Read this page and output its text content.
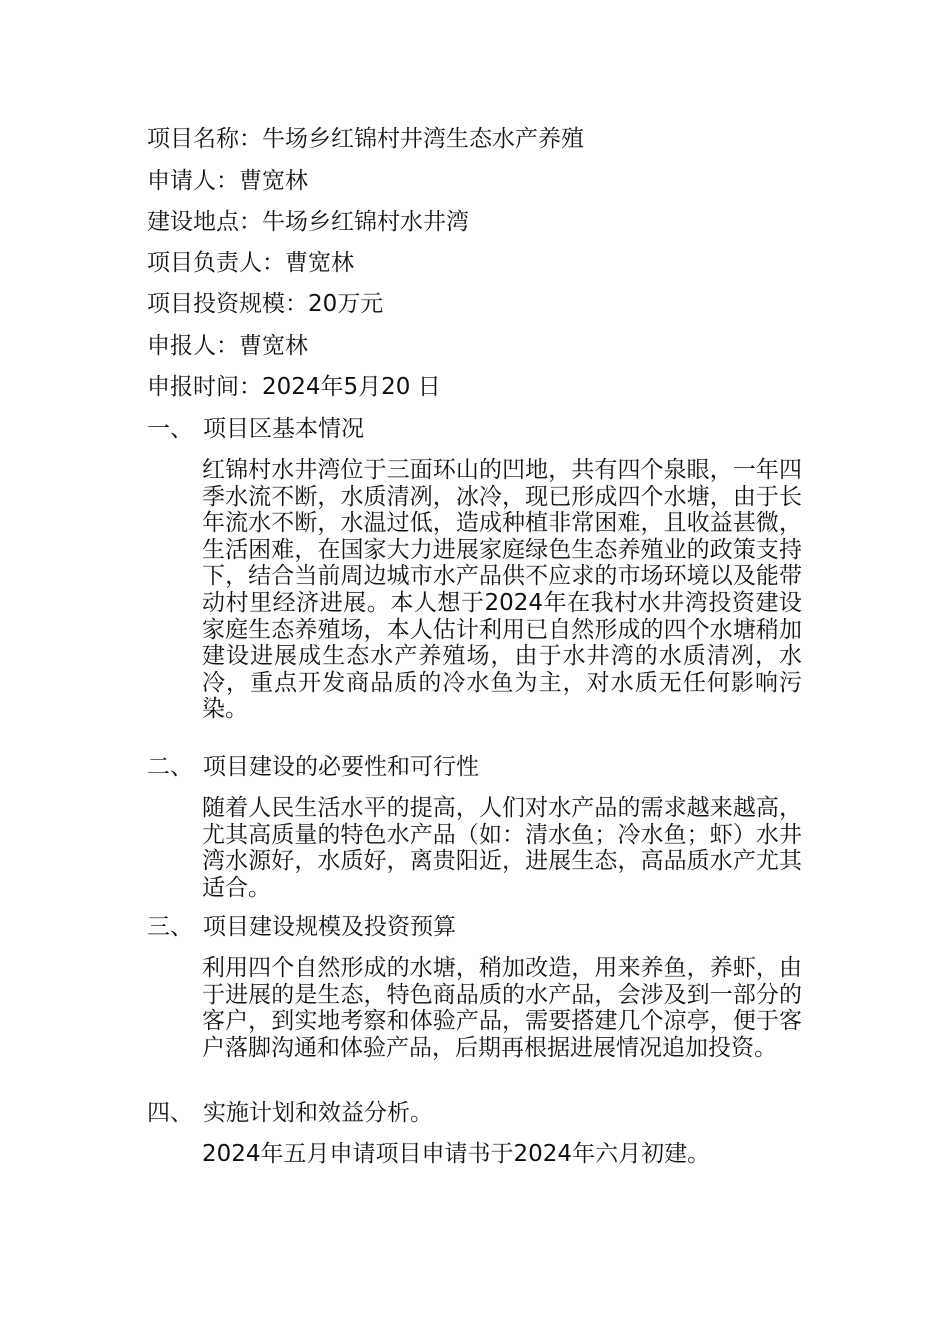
项目名称：牛场乡红锦村井湾生态水产养殖
申请人：曹宽林
建设地点：牛场乡红锦村水井湾
项目负责人：曹宽林
项目投资规模：20万元
申报人：曹宽林
申报时间：2024年5月20 日
一、 项目区基本情况
红锦村水井湾位于三面环山的凹地，共有四个泉眼，一年四季水流不断，水质清冽，冰冷，现已形成四个水塘，由于长年流水不断，水温过低，造成种植非常困难，且收益甚微，生活困难，在国家大力进展家庭绿色生态养殖业的政策支持下，结合当前周边城市水产品供不应求的市场环境以及能带动村里经济进展。本人想于2024年在我村水井湾投资建设家庭生态养殖场，本人估计利用已自然形成的四个水塘稍加建设进展成生态水产养殖场，由于水井湾的水质清冽，水冷，重点开发商品质的冷水鱼为主，对水质无任何影响污染。
二、 项目建设的必要性和可行性
随着人民生活水平的提高，人们对水产品的需求越来越高，尤其高质量的特色水产品（如：清水鱼；冷水鱼；虾）水井湾水源好，水质好，离贵阳近，进展生态，高品质水产尤其适合。
三、 项目建设规模及投资预算
利用四个自然形成的水塘，稍加改造，用来养鱼，养虾，由于进展的是生态，特色商品质的水产品，会涉及到一部分的客户，到实地考察和体验产品，需要搭建几个凉亭，便于客户落脚沟通和体验产品，后期再根据进展情况追加投资。
四、 实施计划和效益分析。
2024年五月申请项目申请书于2024年六月初建。
